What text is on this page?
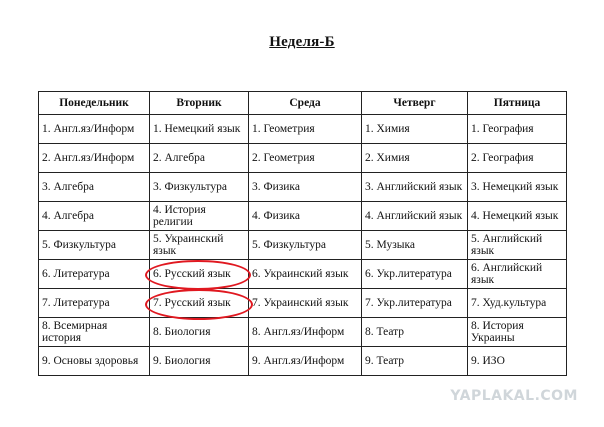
Неделя-Б
Понедельник	Вторник	Среда	Четверг	Пятница

1. Англ.яз/Информ	1. Немецкий язык	1. Геометрия	1. Химия	1. География

2. Англ.яз/Информ	2. Алгебра	2. Геометрия	2. Химия	2. География

3. Алгебра	3. Физкультура	3. Физика	3. Английский язык	3. Немецкий язык

4. Алгебра	4. История религии	4. Физика	4. Английский язык	4. Немецкий язык

5. Физкультура	5. Украинский язык	5. Физкультура	5. Музыка	5. Английский язык

6. Литература	6. Русский язык	6. Украинский язык	6. Укр.литература	6. Английский язык

7. Литература	7. Русский язык	7. Украинский язык	7. Укр.литература	7. Худ.культура

8. Всемирная история	8. Биология	8. Англ.яз/Информ	8. Театр	8. История Украины

9. Основы здоровья	9. Биология	9. Англ.яз/Информ	9. Театр	9. ИЗО
YAPLAKAL.COM
